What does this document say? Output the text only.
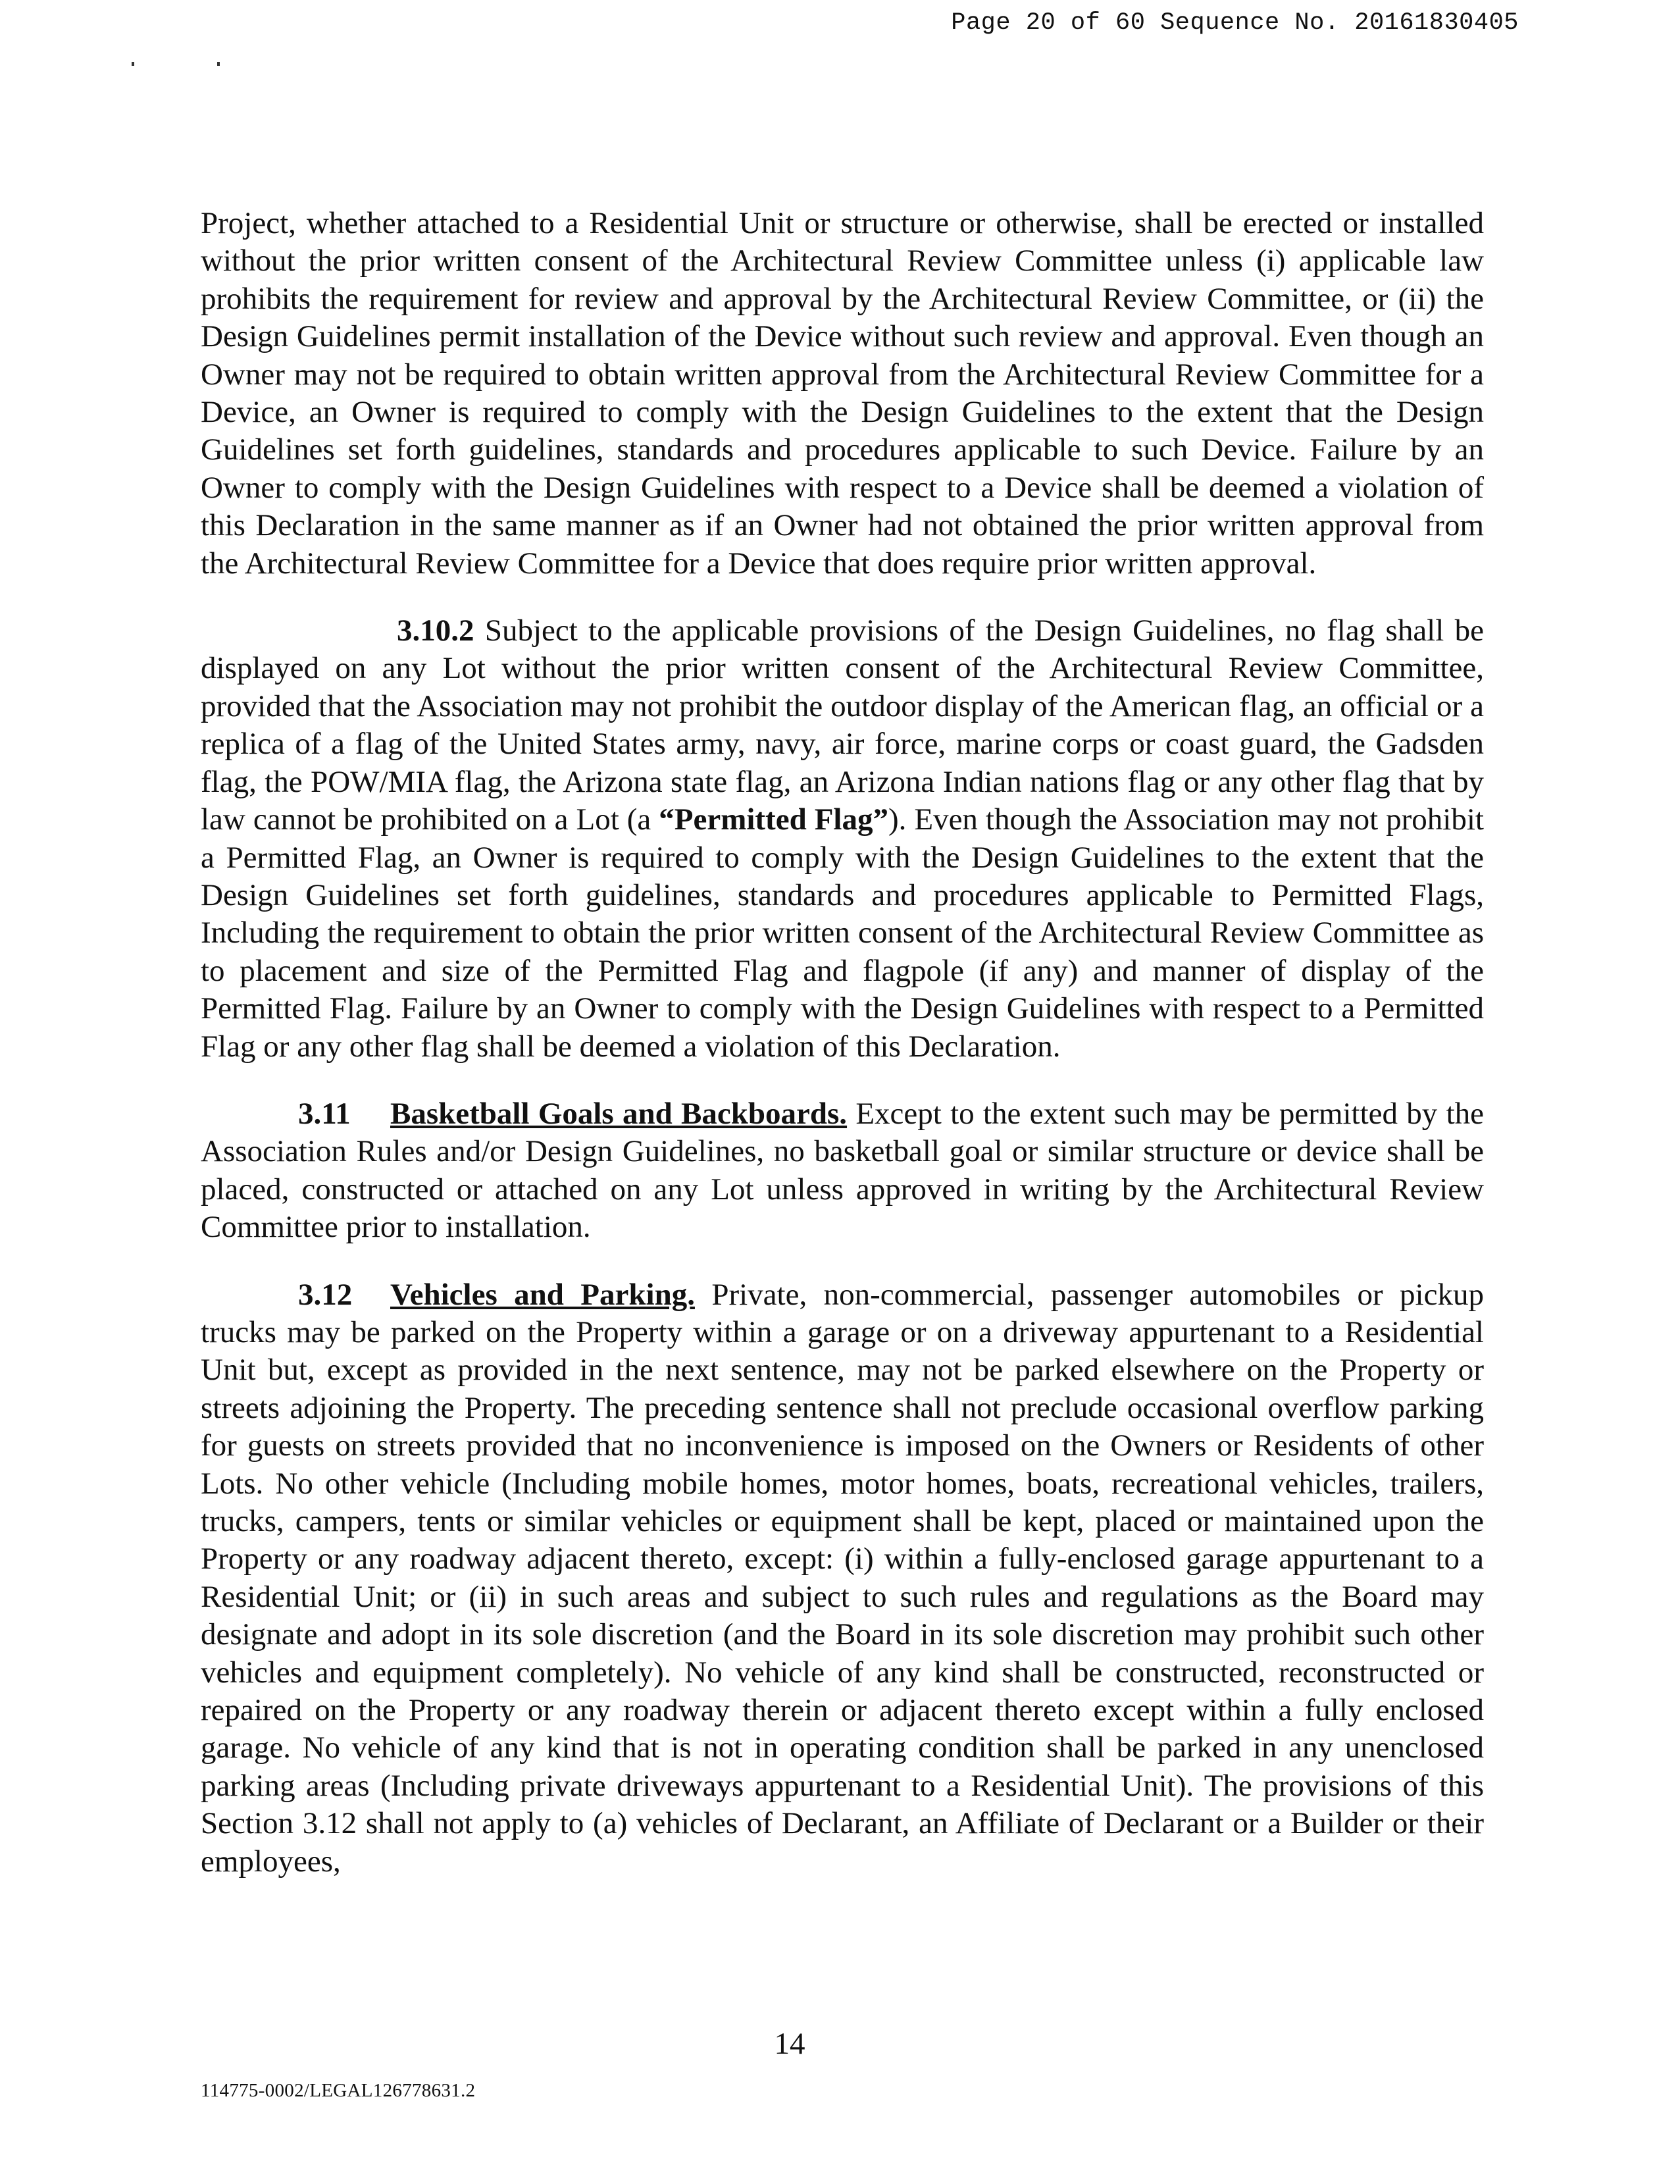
Page 20 of 60 Sequence No. 20161830405

Project, whether attached to a Residential Unit or structure or otherwise, shall be erected or installed without the prior written consent of the Architectural Review Committee unless (i) applicable law prohibits the requirement for review and approval by the Architectural Review Committee, or (ii) the Design Guidelines permit installation of the Device without such review and approval. Even though an Owner may not be required to obtain written approval from the Architectural Review Committee for a Device, an Owner is required to comply with the Design Guidelines to the extent that the Design Guidelines set forth guidelines, standards and procedures applicable to such Device. Failure by an Owner to comply with the Design Guidelines with respect to a Device shall be deemed a violation of this Declaration in the same manner as if an Owner had not obtained the prior written approval from the Architectural Review Committee for a Device that does require prior written approval.

3.10.2 Subject to the applicable provisions of the Design Guidelines, no flag shall be displayed on any Lot without the prior written consent of the Architectural Review Committee, provided that the Association may not prohibit the outdoor display of the American flag, an official or a replica of a flag of the United States army, navy, air force, marine corps or coast guard, the Gadsden flag, the POW/MIA flag, the Arizona state flag, an Arizona Indian nations flag or any other flag that by law cannot be prohibited on a Lot (a “Permitted Flag”). Even though the Association may not prohibit a Permitted Flag, an Owner is required to comply with the Design Guidelines to the extent that the Design Guidelines set forth guidelines, standards and procedures applicable to Permitted Flags, Including the requirement to obtain the prior written consent of the Architectural Review Committee as to placement and size of the Permitted Flag and flagpole (if any) and manner of display of the Permitted Flag. Failure by an Owner to comply with the Design Guidelines with respect to a Permitted Flag or any other flag shall be deemed a violation of this Declaration.

3.11 Basketball Goals and Backboards. Except to the extent such may be permitted by the Association Rules and/or Design Guidelines, no basketball goal or similar structure or device shall be placed, constructed or attached on any Lot unless approved in writing by the Architectural Review Committee prior to installation.

3.12 Vehicles and Parking. Private, non-commercial, passenger automobiles or pickup trucks may be parked on the Property within a garage or on a driveway appurtenant to a Residential Unit but, except as provided in the next sentence, may not be parked elsewhere on the Property or streets adjoining the Property. The preceding sentence shall not preclude occasional overflow parking for guests on streets provided that no inconvenience is imposed on the Owners or Residents of other Lots. No other vehicle (Including mobile homes, motor homes, boats, recreational vehicles, trailers, trucks, campers, tents or similar vehicles or equipment shall be kept, placed or maintained upon the Property or any roadway adjacent thereto, except: (i) within a fully-enclosed garage appurtenant to a Residential Unit; or (ii) in such areas and subject to such rules and regulations as the Board may designate and adopt in its sole discretion (and the Board in its sole discretion may prohibit such other vehicles and equipment completely). No vehicle of any kind shall be constructed, reconstructed or repaired on the Property or any roadway therein or adjacent thereto except within a fully enclosed garage. No vehicle of any kind that is not in operating condition shall be parked in any unenclosed parking areas (Including private driveways appurtenant to a Residential Unit). The provisions of this Section 3.12 shall not apply to (a) vehicles of Declarant, an Affiliate of Declarant or a Builder or their employees,

14
114775-0002/LEGAL126778631.2
